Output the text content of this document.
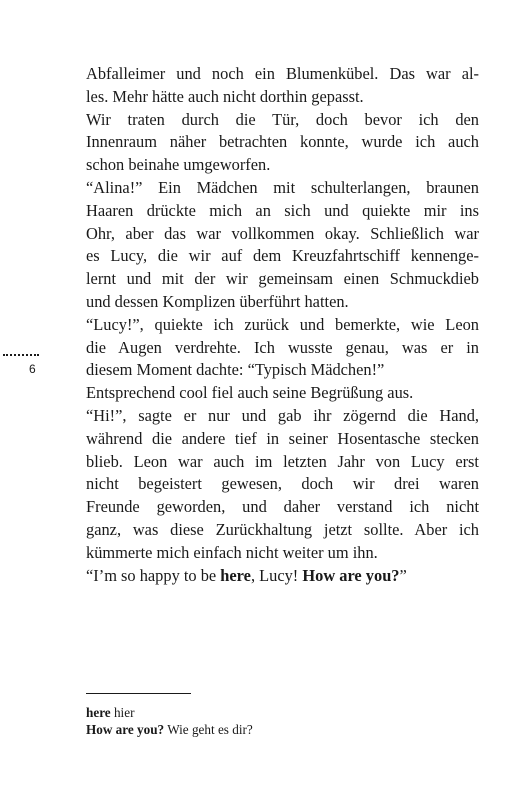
6
Abfalleimer und noch ein Blumenkübel. Das war al-
les. Mehr hätte auch nicht dorthin gepasst.
Wir traten durch die Tür, doch bevor ich den
Innenraum näher betrachten konnte, wurde ich auch
schon beinahe umgeworfen.
“Alina!” Ein Mädchen mit schulterlangen, braunen
Haaren drückte mich an sich und quiekte mir ins
Ohr, aber das war vollkommen okay. Schließlich war
es Lucy, die wir auf dem Kreuzfahrtschiff kennenge-
lernt und mit der wir gemeinsam einen Schmuckdieb
und dessen Komplizen überführt hatten.
“Lucy!”, quiekte ich zurück und bemerkte, wie Leon
die Augen verdrehte. Ich wusste genau, was er in
diesem Moment dachte: “Typisch Mädchen!”
Entsprechend cool fiel auch seine Begrüßung aus.
“Hi!”, sagte er nur und gab ihr zögernd die Hand,
während die andere tief in seiner Hosentasche stecken
blieb. Leon war auch im letzten Jahr von Lucy erst
nicht begeistert gewesen, doch wir drei waren
Freunde geworden, und daher verstand ich nicht
ganz, was diese Zurückhaltung jetzt sollte. Aber ich
kümmerte mich einfach nicht weiter um ihn.
“I’m so happy to be here, Lucy! How are you?”
here hier
How are you? Wie geht es dir?
